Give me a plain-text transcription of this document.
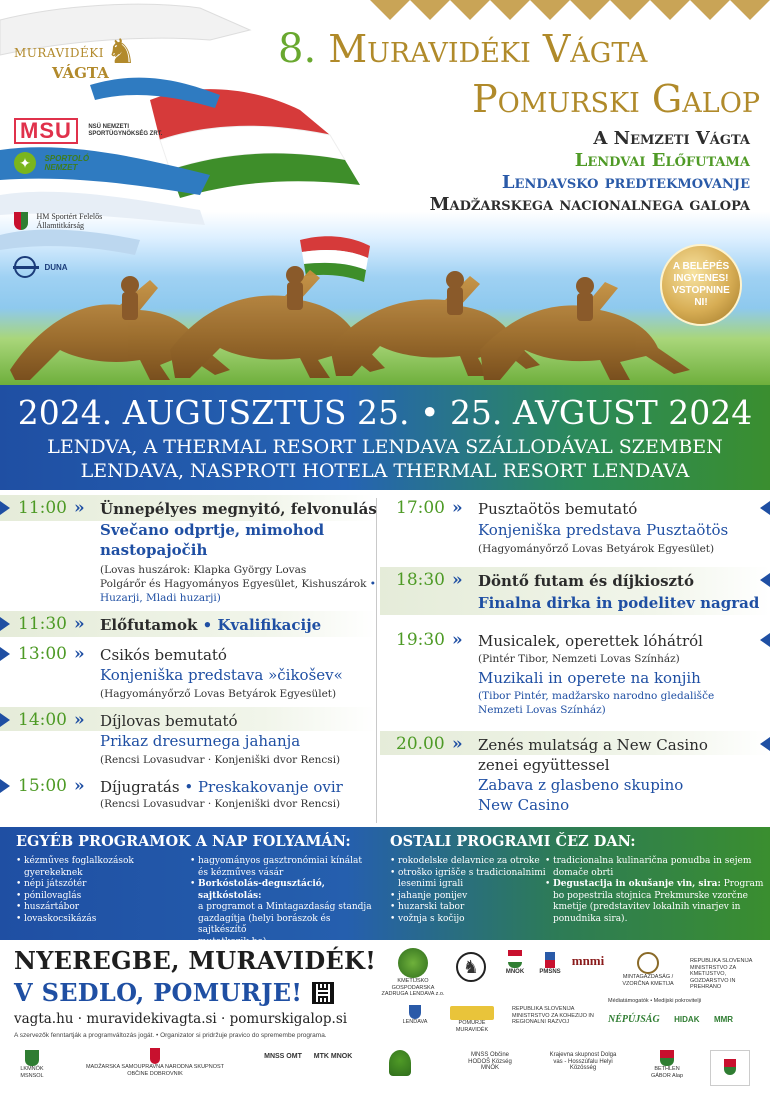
MURAVIDÉKI
VÁGTA
♞
MSU	NSÜ NEMZETI SPORTÜGYNÖKSÉG ZRT.
✦ SPORTOLÓ
NEMZET
HM Sportért Felelős
Államtitkárság
DUNA
8. Muravidéki Vágta
Pomurski Galop
A Nemzeti Vágta
Lendvai Előfutama
Lendavsko predtekmovanje
Madžarskega nacionalnega galopa
A BELÉPÉS
INGYENES!
VSTOPNINE
NI!
2024. AUGUSZTUS 25. • 25. AVGUST 2024
LENDVA, A THERMAL RESORT LENDAVA SZÁLLODÁVAL SZEMBEN
LENDAVA, NASPROTI HOTELA THERMAL RESORT LENDAVA
11:00 » Ünnepélyes megnyitó, felvonulás
Svečano odprtje, mimohod
nastopajočih
(Lovas huszárok: Klapka György Lovas
Polgárőr és Hagyományos Egyesület, Kishuszárok •
Huzarji, Mladi huzarji)
11:30 » Előfutamok • Kvalifikacije
13:00 » Csikós bemutató
Konjeniška predstava »čikošev«
(Hagyományőrző Lovas Betyárok Egyesület)
14:00 » Díjlovas bemutató
Prikaz dresurnega jahanja
(Rencsi Lovasudvar · Konjeniški dvor Rencsi)
15:00 » Díjugratás • Preskakovanje ovir
(Rencsi Lovasudvar · Konjeniški dvor Rencsi)
17:00 » Pusztaötös bemutató
Konjeniška predstava Pusztaötös
(Hagyományőrző Lovas Betyárok Egyesület)
18:30 » Döntő futam és díjkiosztó
Finalna dirka in podelitev nagrad
19:30 » Musicalek, operettek lóhátról
(Pintér Tibor, Nemzeti Lovas Színház)
Muzikali in operete na konjih
(Tibor Pintér, madžarsko narodno gledališče
Nemzeti Lovas Színház)
20.00 » Zenés mulatság a New Casino
zenei együttessel
Zabava z glasbeno skupino
New Casino
EGYÉB PROGRAMOK A NAP FOLYAMÁN:
• kézműves foglalkozások gyerekeknek
• népi játszótér
• pónilovaglás
• huszártábor
• lovaskocsikázás
• hagyományos gasztronómiai kínálat
és kézműves vásár
• Borkóstolás-degusztáció, sajtkóstolás:
a programot a Mintagazdaság standja
gazdagítja (helyi borászok és sajtkészítő
mutatkozik be)
OSTALI PROGRAMI ČEZ DAN:
• rokodelske delavnice za otroke
• otroško igrišče s tradicionalnimi
lesenimi igrali
• jahanje ponijev
• huzarski tabor
• vožnja s kočijo
• tradicionalna kulinarična ponudba in sejem
domače obrti
• Degustacija in okušanje vin, sira: Program
bo popestrila stojnica Prekmurske vzorčne
kmetije (predstavitev lokalnih vinarjev in
ponudnika sira).
NYEREGBE, MURAVIDÉK!
V SEDLO, POMURJE!
vagta.hu · muravidekivagta.si · pomurskigalop.si
A szervezők fenntartják a programváltozás jogát. • Organizator si pridržuje pravico do spremembe programa.
KMETIJSKO GOSPODARSKA ZADRUGA LENDAVA z.o.
♞	MNOK	PMSNS
mnmi
MINTAGAZDASÁG / VZORČNA KMETIJA
REPUBLIKA SLOVENIJA MINISTRSTVO ZA KMETIJSTVO, GOZDARSTVO IN PREHRANO
LENDAVA	POMURJE MURAVIDÉK
REPUBLIKA SLOVENIJA MINISTRSTVO ZA KOHEZIJO IN REGIONALNI RAZVOJ
Médiatámogatók • Medijski pokrovitelji
NÉPÚJSÁG HIDAK MMR
LKMNÖK MSNSOL
MADŽARSKA SAMOUPRAVNA NARODNA SKUPNOST OBČINE DOBROVNIK
MNSS OMT	MTK MNOK	MNSS Občine HODOŠ Község MNÖK
Krajevna skupnost Dolga vas - Hosszúfalu Helyi Közösség	BETHLEN GÁBOR Alap
